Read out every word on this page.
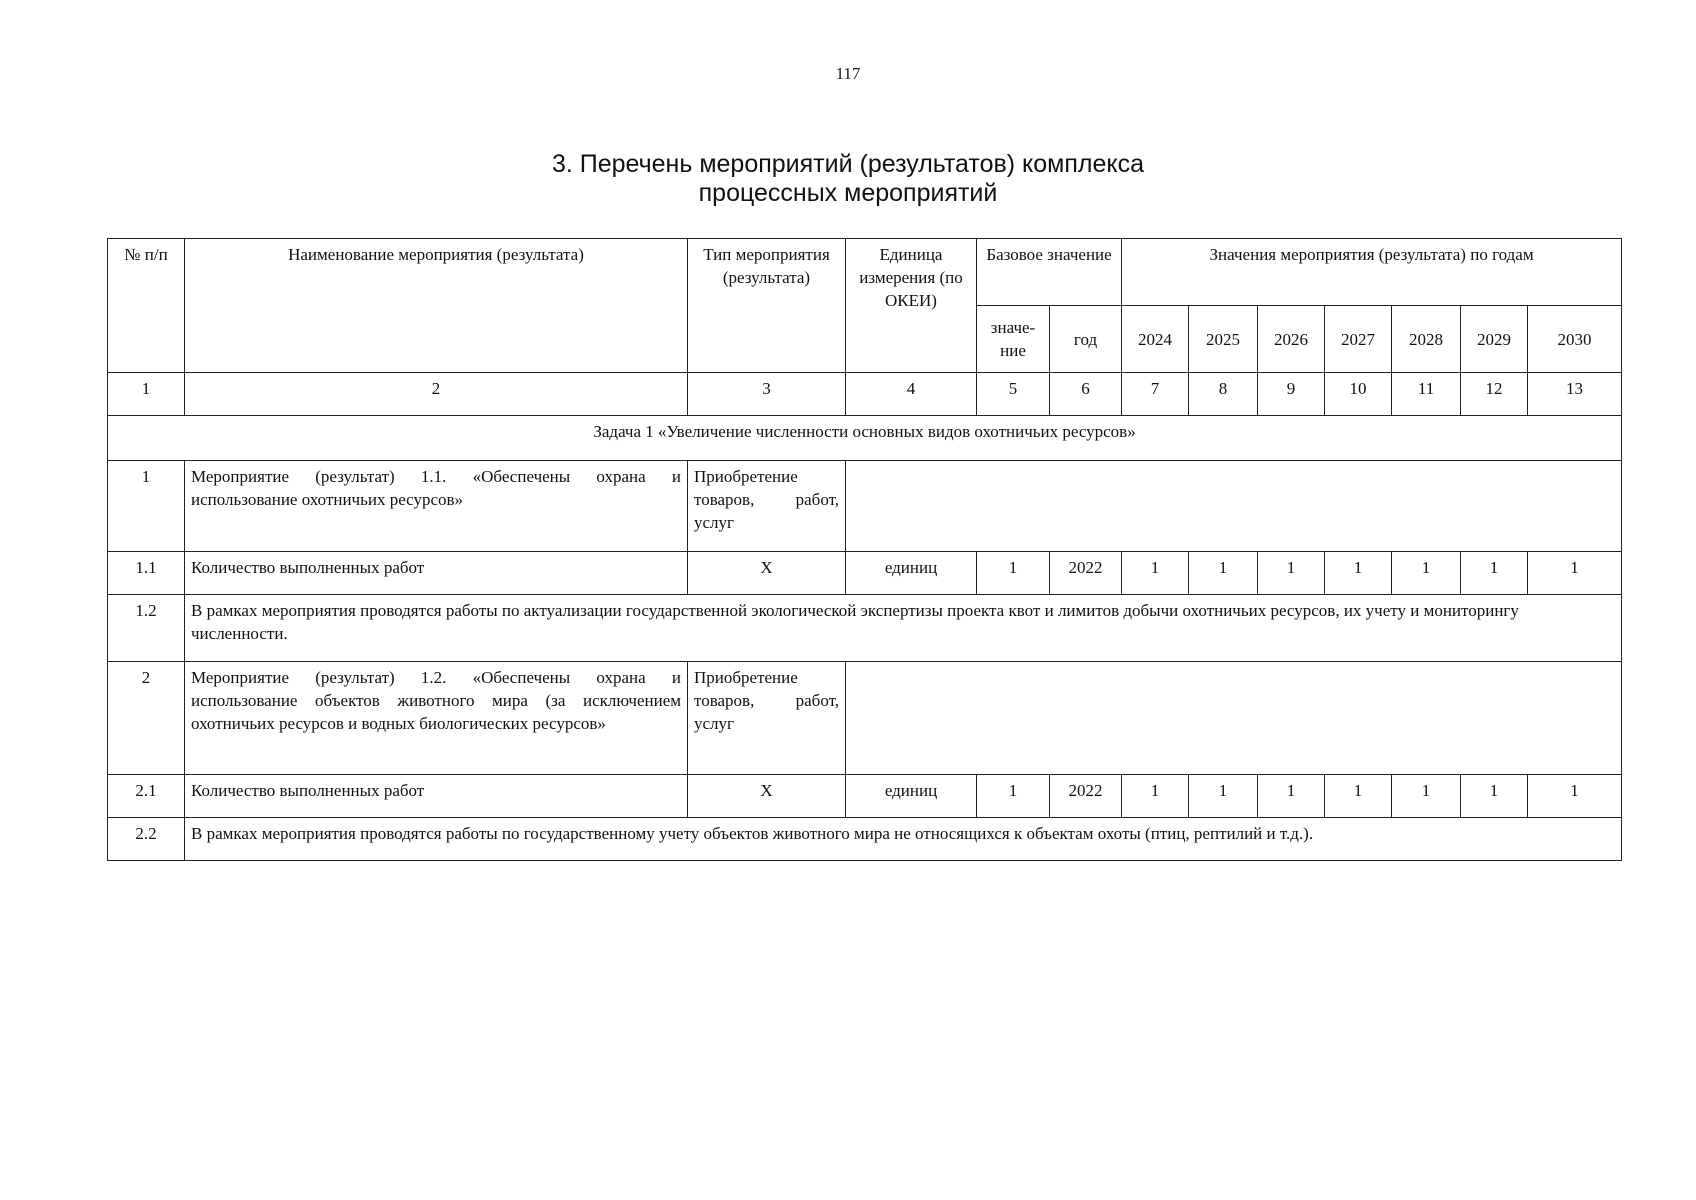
117
3. Перечень мероприятий (результатов) комплекса
процессных мероприятий
№ п/п	Наименование мероприятия (результата)	Тип мероприятия (результата)	Единица измерения (по ОКЕИ)	Базовое значение		Значения мероприятия (результата) по годам						
				значе-ние	год	2024	2025	2026	2027	2028	2029	2030
1	2	3	4	5	6	7	8	9	10	11	12	13
Задача 1 «Увеличение численности основных видов охотничьих ресурсов»												
1	Мероприятие (результат) 1.1. «Обеспечены охрана и использование охотничьих ресурсов»	Приобретение товаров, работ, услуг										
1.1	Количество выполненных работ	X	единиц	1	2022	1	1	1	1	1	1	1
1.2	В рамках мероприятия проводятся работы по актуализации государственной экологической экспертизы проекта квот и лимитов добычи охотничьих ресурсов, их учету и мониторингу численности.											
2	Мероприятие (результат) 1.2. «Обеспечены охрана и использование объектов животного мира (за исключением охотничьих ресурсов и водных биологических ресурсов»	Приобретение товаров, работ, услуг										
2.1	Количество выполненных работ	X	единиц	1	2022	1	1	1	1	1	1	1
2.2	В рамках мероприятия проводятся работы по государственному учету объектов животного мира не относящихся к объектам охоты (птиц, рептилий и т.д.).											
